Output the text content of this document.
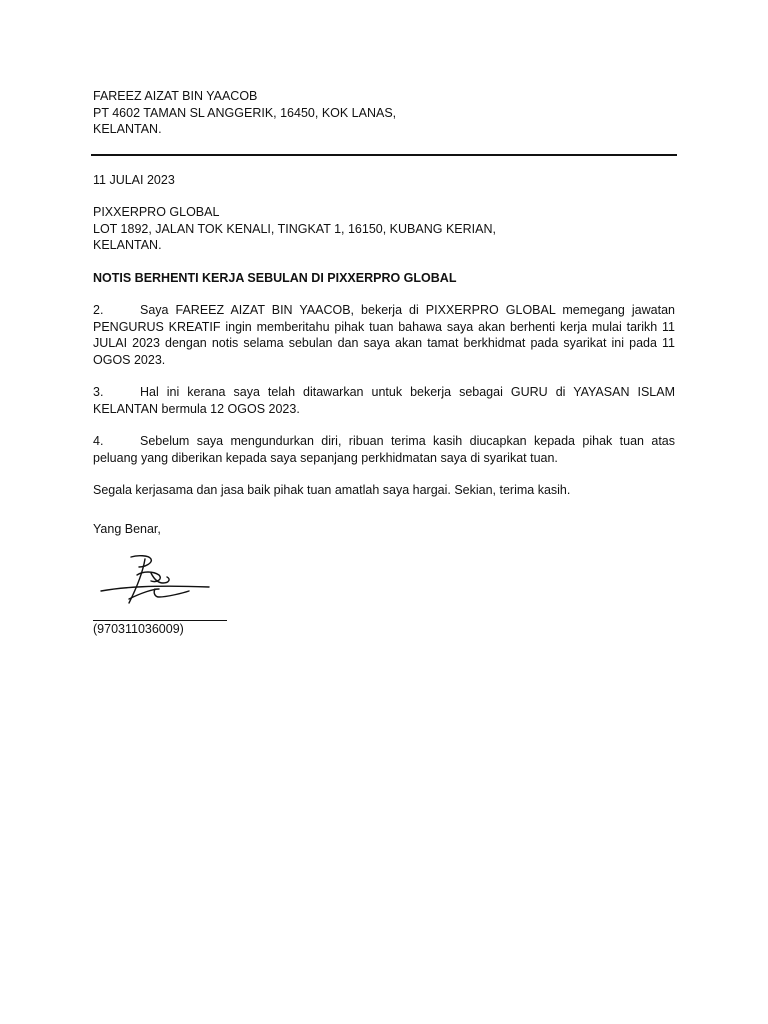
FAREEZ AIZAT BIN YAACOB
PT 4602 TAMAN SL ANGGERIK, 16450, KOK LANAS,
KELANTAN.
11 JULAI 2023
PIXXERPRO GLOBAL
LOT 1892, JALAN TOK KENALI, TINGKAT 1, 16150, KUBANG KERIAN,
KELANTAN.
NOTIS BERHENTI KERJA SEBULAN DI PIXXERPRO GLOBAL
2.	Saya FAREEZ AIZAT BIN YAACOB, bekerja di PIXXERPRO GLOBAL memegang jawatan PENGURUS KREATIF ingin memberitahu pihak tuan bahawa saya akan berhenti kerja mulai tarikh 11 JULAI 2023 dengan notis selama sebulan dan saya akan tamat berkhidmat pada syarikat ini pada 11 OGOS 2023.
3.	Hal ini kerana saya telah ditawarkan untuk bekerja sebagai GURU di YAYASAN ISLAM KELANTAN bermula 12 OGOS 2023.
4.	Sebelum saya mengundurkan diri, ribuan terima kasih diucapkan kepada pihak tuan atas peluang yang diberikan kepada saya sepanjang perkhidmatan saya di syarikat tuan.
Segala kerjasama dan jasa baik pihak tuan amatlah saya hargai. Sekian, terima kasih.
Yang Benar,
(970311036009)
